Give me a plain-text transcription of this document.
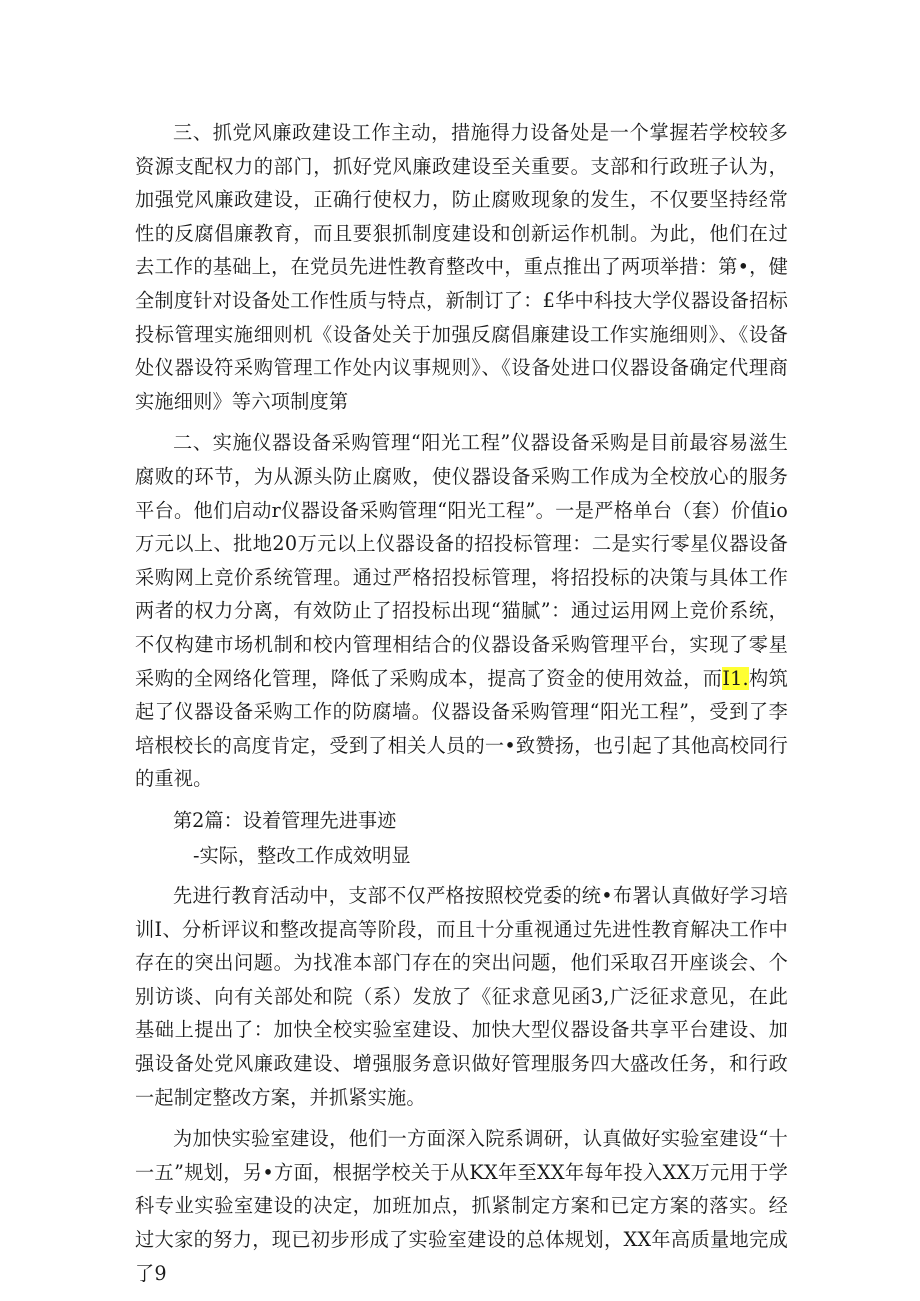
三、抓党风廉政建设工作主动，措施得力设备处是一个掌握若学校较多资源支配权力的部门，抓好党风廉政建设至关重要。支部和行政班子认为，加强党风廉政建设，正确行使权力，防止腐败现象的发生，不仅要坚持经常性的反腐倡廉教育，而且要狠抓制度建设和创新运作机制。为此，他们在过去工作的基础上，在党员先进性教育整改中，重点推出了两项举措：第•，健全制度针对设备处工作性质与特点，新制订了：£华中科技大学仪器设备招标投标管理实施细则机《设备处关于加强反腐倡廉建设工作实施细则》、《设备处仪器设符采购管理工作处内议事规则》、《设备处进口仪器设备确定代理商实施细则》等六项制度第

二、实施仪器设备采购管理“阳光工程”仪器设备采购是目前最容易滋生腐败的环节，为从源头防止腐败，使仪器设备采购工作成为全校放心的服务平台。他们启动r仪器设备采购管理“阳光工程”。一是严格单台（套）价值io万元以上、批地20万元以上仪器设备的招投标管理：二是实行零星仪器设备采购网上竞价系统管理。通过严格招投标管理，将招投标的决策与具体工作两者的权力分离，有效防止了招投标出现“猫腻”：通过运用网上竞价系统，不仅构建市场机制和校内管理相结合的仪器设备采购管理平台，实现了零星采购的全网络化管理，降低了采购成本，提高了资金的使用效益，而I1.构筑起了仪器设备采购工作的防腐墙。仪器设备采购管理“阳光工程”，受到了李培根校长的高度肯定，受到了相关人员的一•致赞扬，也引起了其他高校同行的重视。

第2篇：设着管理先进事迹
-实际，整改工作成效明显

先进行教育活动中，支部不仅严格按照校党委的统•布署认真做好学习培训I、分析评议和整改提高等阶段，而且十分重视通过先进性教育解决工作中存在的突出问题。为找准本部门存在的突出问题，他们采取召开座谈会、个别访谈、向有关部处和院（系）发放了《征求意见函3,广泛征求意见，在此基础上提出了：加快全校实验室建设、加快大型仪器设备共享平台建设、加强设备处党风廉政建设、增强服务意识做好管理服务四大盛改任务，和行政一起制定整改方案，并抓紧实施。

为加快实验室建设，他们一方面深入院系调研，认真做好实验室建设“十一五”规划，另•方面，根据学校关于从KX年至XX年每年投入XX万元用于学科专业实验室建设的决定，加班加点，抓紧制定方案和已定方案的落实。经过大家的努力，现已初步形成了实验室建设的总体规划，XX年高质量地完成了9
